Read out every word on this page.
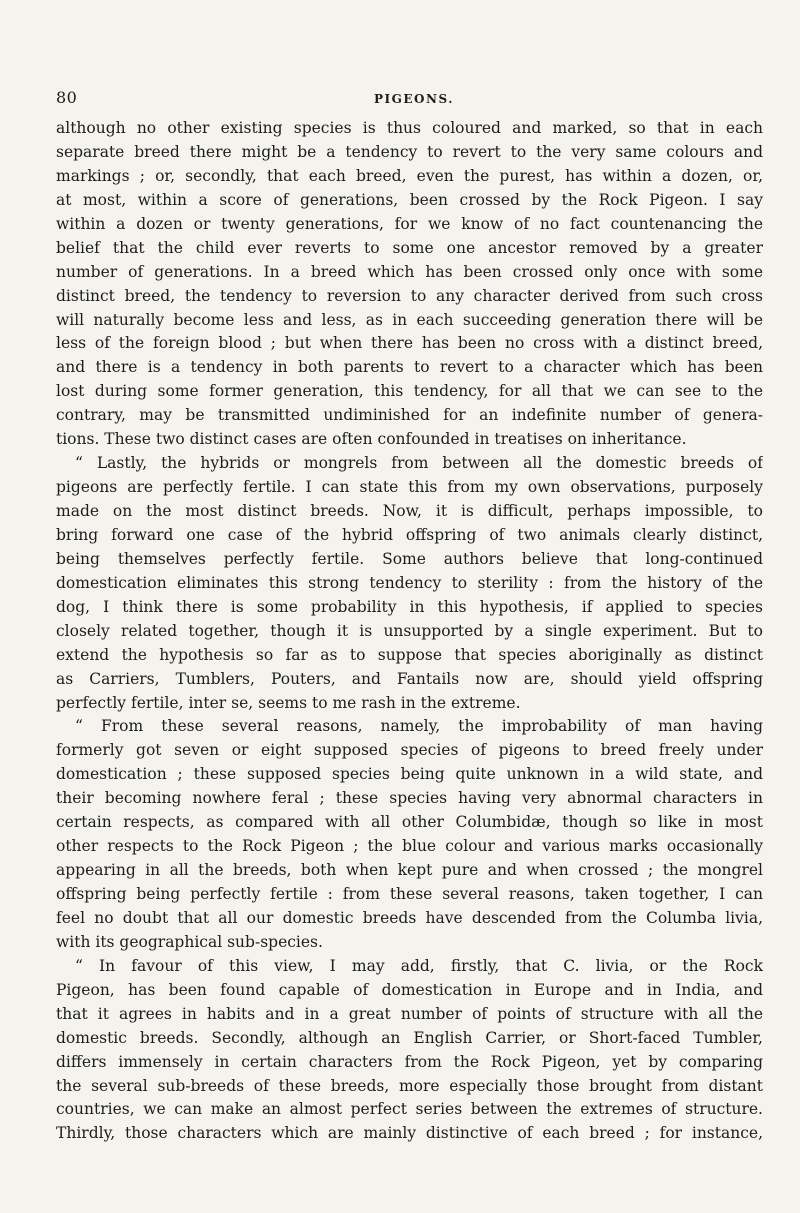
80	PIGEONS.
although no other existing species is thus coloured and marked, so that in each
separate breed there might be a tendency to revert to the very same colours and
markings ; or, secondly, that each breed, even the purest, has within a dozen, or,
at most, within a score of generations, been crossed by the Rock Pigeon. I say
within a dozen or twenty generations, for we know of no fact countenancing the
belief that the child ever reverts to some one ancestor removed by a greater
number of generations. In a breed which has been crossed only once with some
distinct breed, the tendency to reversion to any character derived from such cross
will naturally become less and less, as in each succeeding generation there will be
less of the foreign blood ; but when there has been no cross with a distinct breed,
and there is a tendency in both parents to revert to a character which has been
lost during some former generation, this tendency, for all that we can see to the
contrary, may be transmitted undiminished for an indefinite number of genera-
tions. These two distinct cases are often confounded in treatises on inheritance.
“ Lastly, the hybrids or mongrels from between all the domestic breeds of
pigeons are perfectly fertile. I can state this from my own observations, purposely
made on the most distinct breeds. Now, it is difficult, perhaps impossible, to
bring forward one case of the hybrid offspring of two animals clearly distinct,
being themselves perfectly fertile. Some authors believe that long-continued
domestication eliminates this strong tendency to sterility : from the history of the
dog, I think there is some probability in this hypothesis, if applied to species
closely related together, though it is unsupported by a single experiment. But to
extend the hypothesis so far as to suppose that species aboriginally as distinct
as Carriers, Tumblers, Pouters, and Fantails now are, should yield offspring
perfectly fertile, inter se, seems to me rash in the extreme.
“ From these several reasons, namely, the improbability of man having
formerly got seven or eight supposed species of pigeons to breed freely under
domestication ; these supposed species being quite unknown in a wild state, and
their becoming nowhere feral ; these species having very abnormal characters in
certain respects, as compared with all other Columbidæ, though so like in most
other respects to the Rock Pigeon ; the blue colour and various marks occasionally
appearing in all the breeds, both when kept pure and when crossed ; the mongrel
offspring being perfectly fertile : from these several reasons, taken together, I can
feel no doubt that all our domestic breeds have descended from the Columba livia,
with its geographical sub-species.
“ In favour of this view, I may add, firstly, that C. livia, or the Rock
Pigeon, has been found capable of domestication in Europe and in India, and
that it agrees in habits and in a great number of points of structure with all the
domestic breeds. Secondly, although an English Carrier, or Short-faced Tumbler,
differs immensely in certain characters from the Rock Pigeon, yet by comparing
the several sub-breeds of these breeds, more especially those brought from distant
countries, we can make an almost perfect series between the extremes of structure.
Thirdly, those characters which are mainly distinctive of each breed ; for instance,
